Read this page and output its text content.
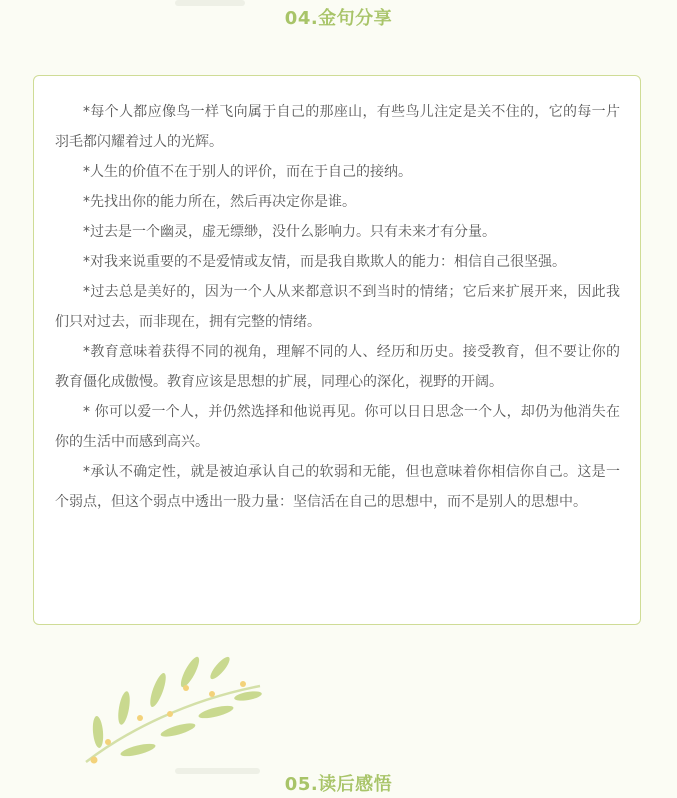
04.金句分享

*每个人都应像鸟一样飞向属于自己的那座山，有些鸟儿注定是关不住的，它的每一片羽毛都闪耀着过人的光辉。

*人生的价值不在于别人的评价，而在于自己的接纳。

*先找出你的能力所在，然后再决定你是谁。

*过去是一个幽灵，虚无缥缈，没什么影响力。只有未来才有分量。

*对我来说重要的不是爱情或友情，而是我自欺欺人的能力：相信自己很坚强。

*过去总是美好的，因为一个人从来都意识不到当时的情绪；它后来扩展开来，因此我们只对过去，而非现在，拥有完整的情绪。

*教育意味着获得不同的视角，理解不同的人、经历和历史。接受教育，但不要让你的教育僵化成傲慢。教育应该是思想的扩展，同理心的深化，视野的开阔。

* 你可以爱一个人，并仍然选择和他说再见。你可以日日思念一个人，却仍为他消失在你的生活中而感到高兴。

*承认不确定性，就是被迫承认自己的软弱和无能，但也意味着你相信你自己。这是一个弱点，但这个弱点中透出一股力量：坚信活在自己的思想中，而不是别人的思想中。

05.读后感悟
